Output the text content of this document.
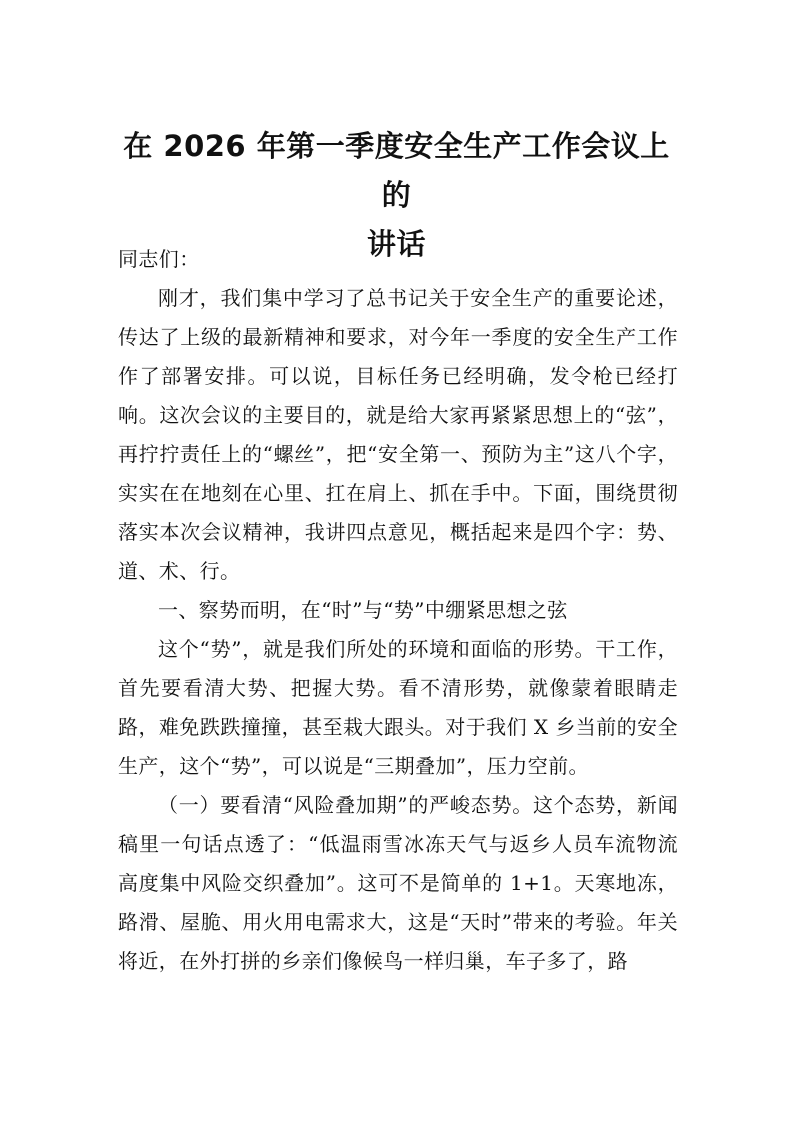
在 2026 年第一季度安全生产工作会议上的
讲话

同志们：

刚才，我们集中学习了总书记关于安全生产的重要论述，传达了上级的最新精神和要求，对今年一季度的安全生产工作作了部署安排。可以说，目标任务已经明确，发令枪已经打响。这次会议的主要目的，就是给大家再紧紧思想上的“弦”，再拧拧责任上的“螺丝”，把“安全第一、预防为主”这八个字，实实在在地刻在心里、扛在肩上、抓在手中。下面，围绕贯彻落实本次会议精神，我讲四点意见，概括起来是四个字：势、道、术、行。

一、察势而明，在“时”与“势”中绷紧思想之弦

这个“势”，就是我们所处的环境和面临的形势。干工作，首先要看清大势、把握大势。看不清形势，就像蒙着眼睛走路，难免跌跌撞撞，甚至栽大跟头。对于我们 X 乡当前的安全生产，这个“势”，可以说是“三期叠加”，压力空前。

（一）要看清“风险叠加期”的严峻态势。这个态势，新闻稿里一句话点透了：“低温雨雪冰冻天气与返乡人员车流物流高度集中风险交织叠加”。这可不是简单的 1+1。天寒地冻，路滑、屋脆、用火用电需求大，这是“天时”带来的考验。年关将近，在外打拼的乡亲们像候鸟一样归巢，车子多了，路
